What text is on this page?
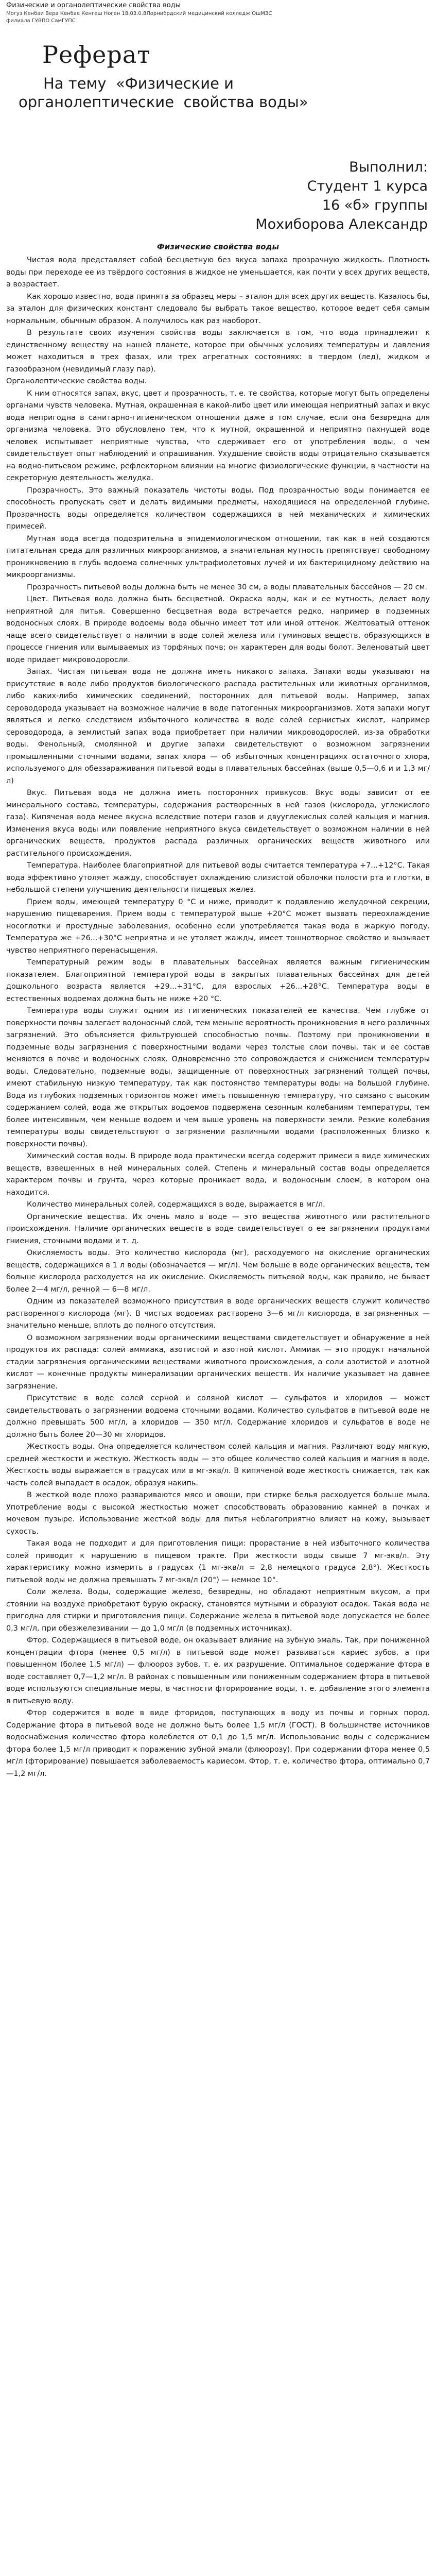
Физические и органолептические свойства воды
Могуз Кенбаи Вера Кенбае Кенгеш Ноген 18.03.0.8Лорнибрдский медицинский колледж ОшМЗС филиала ГУВПО СамГУПС
Реферат
На тему  «Физические и
органолептические  свойства воды»
Выполнил:
Студент 1 курса
16 «б» группы
Мохиборова Александр
Физические свойства воды

Чистая вода представляет собой бесцветную без вкуса запаха прозрачную жидкость. Плотность воды при переходе ее из твёрдого состояния в жидкое не уменьшается, как почти у всех других веществ, а возрастает.

Как хорошо известно, вода принята за образец меры – эталон для всех других веществ. Казалось бы, за эталон для физических констант следовало бы выбрать такое вещество, которое ведет себя самым нормальным, обычным образом. А получилось как раз наоборот.

В результате своих изучения свойства воды заключается в том, что вода принадлежит к единственному веществу на нашей планете, которое при обычных условиях температуры и давления может находиться в трех фазах, или трех агрегатных состояниях: в твердом (лед), жидком и газообразном (невидимый глазу пар).

Органолептические свойства воды.

К ним относятся запах, вкус, цвет и прозрачность, т. е. те свойства, которые могут быть определены органами чувств человека. Мутная, окрашенная в какой-либо цвет или имеющая неприятный запах и вкус вода непригодна в санитарно-гигиеническом отношении даже в том случае, если она безвредна для организма человека. Это обусловлено тем, что к мутной, окрашенной и неприятно пахнущей воде человек испытывает неприятные чувства, что сдерживает его от употребления воды, о чем свидетельствует опыт наблюдений и опрашивания. Ухудшение свойств воды отрицательно сказывается на водно-питьевом режиме, рефлекторном влиянии на многие физиологические функции, в частности на секреторную деятельность желудка.

Прозрачность. Это важный показатель чистоты воды. Под прозрачностью воды понимается ее способность пропускать свет и делать видимыми предметы, находящиеся на определенной глубине. Прозрачность воды определяется количеством содержащихся в ней механических и химических примесей.

Мутная вода всегда подозрительна в эпидемиологическом отношении, так как в ней создаются питательная среда для различных микроорганизмов, а значительная мутность препятствует свободному проникновению в глубь водоема солнечных ультрафиолетовых лучей и их бактерицидному действию на микроорганизмы.

Прозрачность питьевой воды должна быть не менее 30 см, а воды плавательных бассейнов — 20 см.

Цвет. Питьевая вода должна быть бесцветной. Окраска воды, как и ее мутность, делает воду неприятной для питья. Совершенно бесцветная вода встречается редко, например в подземных водоносных слоях. В природе водоемы вода обычно имеет тот или иной оттенок. Желтоватый оттенок чаще всего свидетельствует о наличии в воде солей железа или гуминовых веществ, образующихся в процессе гниения или вымываемых из торфяных почв; он характерен для воды болот. Зеленоватый цвет воде придает микроводоросли.

Запах. Чистая питьевая вода не должна иметь никакого запаха. Запахи воды указывают на присутствие в воде либо продуктов биологического распада растительных или животных организмов, либо каких-либо химических соединений, посторонних для питьевой воды. Например, запах сероводорода указывает на возможное наличие в воде патогенных микроорганизмов. Хотя запахи могут являться и легко следствием избыточного количества в воде солей сернистых кислот, например сероводорода, а землистый запах вода приобретает при наличии микроводорослей, из-за обработки воды. Фенольный, смолянной и другие запахи свидетельствуют о возможном загрязнении промышленными сточными водами, запах хлора — об избыточных концентрациях остаточного хлора, используемого для обеззараживания питьевой воды в плавательных бассейнах (выше 0,5—0,6 и и 1,3 мг/л)

Вкус. Питьевая вода не должна иметь посторонних привкусов. Вкус воды зависит от ее минерального состава, температуры, содержания растворенных в ней газов (кислорода, углекислого газа). Кипяченая вода менее вкусна вследствие потери газов и двууглекислых солей кальция и магния. Изменения вкуса воды или появление неприятного вкуса свидетельствует о возможном наличии в ней органических веществ, продуктов распада различных органических веществ животного или растительного происхождения.

Температура. Наиболее благоприятной для питьевой воды считается температура +7...+12°С. Такая вода эффективно утоляет жажду, способствует охлаждению слизистой оболочки полости рта и глотки, в небольшой степени улучшению деятельности пищевых желез.

Прием воды, имеющей температуру 0 °С и ниже, приводит к подавлению желудочной секреции, нарушению пищеварения. Прием воды с температурой выше +20°С может вызвать переохлаждение носоглотки и простудные заболевания, особенно если употребляется такая вода в жаркую погоду. Температура же +26...+30°С неприятна и не утоляет жажды, имеет тошнотворное свойство и вызывает чувство неприятного перенасыщения.

Температурный режим воды в плавательных бассейнах является важным гигиеническим показателем. Благоприятной температурой воды в закрытых плавательных бассейнах для детей дошкольного возраста является +29...+31°С, для взрослых +26...+28°С. Температура воды в естественных водоемах должна быть не ниже +20 °С.

Температура воды служит одним из гигиенических показателей ее качества. Чем глубже от поверхности почвы залегает водоносный слой, тем меньше вероятность проникновения в него различных загрязнений. Это объясняется фильтрующей способностью почвы. Поэтому при проникновении в подземные воды загрязнения с поверхностными водами через толстые слои почвы, так и ее состав меняются в почве и водоносных слоях. Одновременно это сопровождается и снижением температуры воды. Следовательно, подземные воды, защищенные от поверхностных загрязнений толщей почвы, имеют стабильную низкую температуру, так как постоянство температуры воды на большой глубине. Вода из глубоких подземных горизонтов может иметь повышенную температуру, что связано с высоким содержанием солей, вода же открытых водоемов подвержена сезонным колебаниям температуры, тем более интенсивным, чем меньше водоем и чем выше уровень на поверхности земли. Резкие колебания температуры воды свидетельствуют о загрязнении различными водами (расположенных близко к поверхности почвы).

Химический состав воды. В природе вода практически всегда содержит примеси в виде химических веществ, взвешенных в ней минеральных солей. Степень и минеральный состав воды определяется характером почвы и грунта, через которые проникает вода, и водоносным слоем, в котором она находится.

Количество минеральных солей, содержащихся в воде, выражается в мг/л.

Органические вещества. Их очень мало в воде — это вещества животного или растительного происхождения. Наличие органических веществ в воде свидетельствует о ее загрязнении продуктами гниения, сточными водами и т. д.

Окисляемость воды. Это количество кислорода (мг), расходуемого на окисление органических веществ, содержащихся в 1 л воды (обозначается — мг/л). Чем больше в воде органических веществ, тем больше кислорода расходуется на их окисление. Окисляемость питьевой воды, как правило, не бывает более 2—4 мг/л, речной — 6—8 мг/л.

Одним из показателей возможного присутствия в воде органических веществ служит количество растворенного кислорода (мг). В чистых водоемах растворено 3—6 мг/л кислорода, в загрязненных — значительно меньше, вплоть до полного отсутствия.

О возможном загрязнении воды органическими веществами свидетельствует и обнаружение в ней продуктов их распада: солей аммиака, азотистой и азотной кислот. Аммиак — это продукт начальной стадии загрязнения органическими веществами животного происхождения, а соли азотистой и азотной кислот — конечные продукты минерализации органических веществ. Их наличие указывает на давнее загрязнение.

Присутствие в воде солей серной и соляной кислот — сульфатов и хлоридов — может свидетельствовать о загрязнении водоема сточными водами. Количество сульфатов в питьевой воде не должно превышать 500 мг/л, а хлоридов — 350 мг/л. Содержание хлоридов и сульфатов в воде не должно быть более 20—30 мг хлоридов.

Жесткость воды. Она определяется количеством солей кальция и магния. Различают воду мягкую, средней жесткости и жесткую. Жесткость воды — это общее количество солей кальция и магния в воде. Жесткость воды выражается в градусах или в мг-экв/л. В кипяченой воде жесткость снижается, так как часть солей выпадает в осадок, образуя накипь.

В жесткой воде плохо развариваются мясо и овощи, при стирке белья расходуется больше мыла. Употребление воды с высокой жесткостью может способствовать образованию камней в почках и мочевом пузыре. Использование жесткой воды для питья неблагоприятно влияет на кожу, вызывает сухость.

Такая вода не подходит и для приготовления пищи: прорастание в ней избыточного количества солей приводит к нарушению в пищевом тракте. При жесткости воды свыше 7 мг-экв/л. Эту характеристику можно измерить в градусах (1 мг-экв/л = 2,8 немецкого градуса 2,8°). Жесткость питьевой воды не должна превышать 7 мг-экв/л (20°) — немное 10°.

Соли железа. Воды, содержащие железо, безвредны, но обладают неприятным вкусом, а при стоянии на воздухе приобретают бурую окраску, становятся мутными и образуют осадок. Такая вода не пригодна для стирки и приготовления пищи. Содержание железа в питьевой воде допускается не более 0,3 мг/л, при обезжелезивании — до 1,0 мг/л (в подземных источниках).

Фтор. Содержащиеся в питьевой воде, он оказывает влияние на зубную эмаль. Так, при пониженной концентрации фтора (менее 0,5 мг/л) в питьевой воде может развиваться кариес зубов, а при повышенном (более 1,5 мг/л) — флюороз зубов, т. е. их разрушение. Оптимальное содержание фтора в воде составляет 0,7—1,2 мг/л. В районах с повышенным или пониженным содержанием фтора в питьевой воде используются специальные меры, в частности фторирование воды, т. е. добавление этого элемента в питьевую воду.

Фтор содержится в воде в виде фторидов, поступающих в воду из почвы и горных пород. Содержание фтора в питьевой воде не должно быть более 1,5 мг/л (ГОСТ). В большинстве источников водоснабжения количество фтора колеблется от 0,1 до 1,5 мг/л. Использование воды с содержанием фтора более 1,5 мг/л приводит к поражению зубной эмали (флюорозу). При содержании фтора менее 0,5 мг/л (фторирование) повышается заболеваемость кариесом. Фтор, т. е. количество фтора, оптимально 0,7—1,2 мг/л.
